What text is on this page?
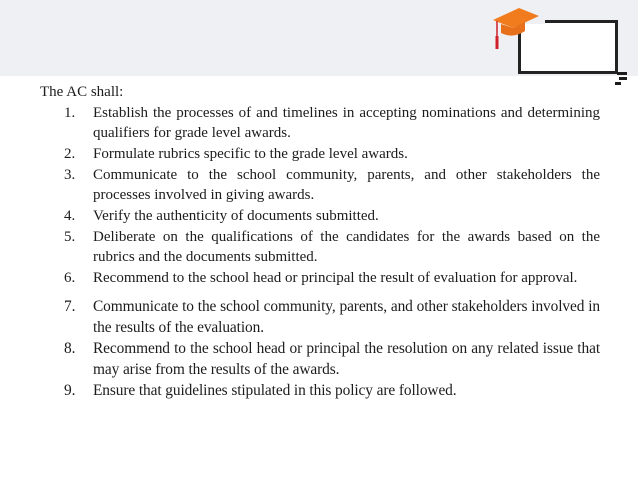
The AC shall:

1.	Establish the processes of and timelines in accepting nominations and determining qualifiers for grade level awards.
2.	Formulate rubrics specific to the grade level awards.
3.	Communicate to the school community, parents, and other stakeholders the processes involved in giving awards.
4.	Verify the authenticity of documents submitted.
5.	Deliberate on the qualifications of the candidates for the awards based on the rubrics and the documents submitted.
6.	Recommend to the school head or principal the result of evaluation for approval.
7.	Communicate to the school community, parents, and other stakeholders involved in the results of the evaluation.
8.	Recommend to the school head or principal the resolution on any related issue that may arise from the results of the awards.
9.	Ensure that guidelines stipulated in this policy are followed.
